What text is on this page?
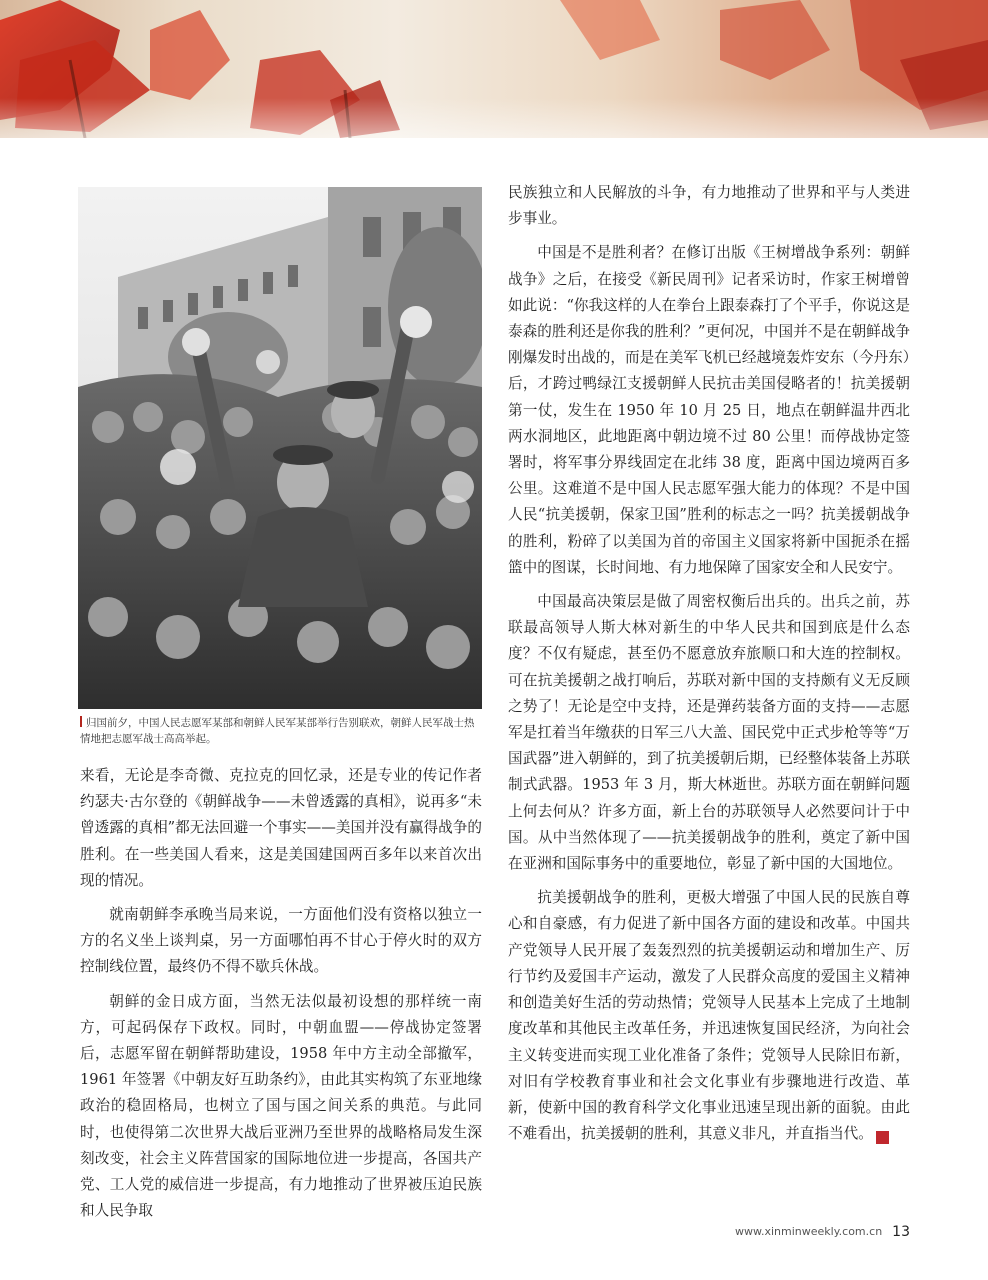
归国前夕，中国人民志愿军某部和朝鲜人民军某部举行告别联欢，朝鲜人民军战士热情地把志愿军战士高高举起。

来看，无论是李奇微、克拉克的回忆录，还是专业的传记作者约瑟夫·古尔登的《朝鲜战争——未曾透露的真相》，说再多“未曾透露的真相”都无法回避一个事实——美国并没有赢得战争的胜利。在一些美国人看来，这是美国建国两百多年以来首次出现的情况。

就南朝鲜李承晚当局来说，一方面他们没有资格以独立一方的名义坐上谈判桌，另一方面哪怕再不甘心于停火时的双方控制线位置，最终仍不得不歇兵休战。

朝鲜的金日成方面，当然无法似最初设想的那样统一南方，可起码保存下政权。同时，中朝血盟——停战协定签署后，志愿军留在朝鲜帮助建设，1958 年中方主动全部撤军，1961 年签署《中朝友好互助条约》，由此其实构筑了东亚地缘政治的稳固格局，也树立了国与国之间关系的典范。与此同时，也使得第二次世界大战后亚洲乃至世界的战略格局发生深刻改变，社会主义阵营国家的国际地位进一步提高，各国共产党、工人党的威信进一步提高，有力地推动了世界被压迫民族和人民争取

民族独立和人民解放的斗争，有力地推动了世界和平与人类进步事业。

中国是不是胜利者？在修订出版《王树增战争系列：朝鲜战争》之后，在接受《新民周刊》记者采访时，作家王树增曾如此说：“你我这样的人在拳台上跟泰森打了个平手，你说这是泰森的胜利还是你我的胜利？”更何况，中国并不是在朝鲜战争刚爆发时出战的，而是在美军飞机已经越境轰炸安东（今丹东）后，才跨过鸭绿江支援朝鲜人民抗击美国侵略者的！抗美援朝第一仗，发生在 1950 年 10 月 25 日，地点在朝鲜温井西北两水洞地区，此地距离中朝边境不过 80 公里！而停战协定签署时，将军事分界线固定在北纬 38 度，距离中国边境两百多公里。这难道不是中国人民志愿军强大能力的体现？不是中国人民“抗美援朝，保家卫国”胜利的标志之一吗？抗美援朝战争的胜利，粉碎了以美国为首的帝国主义国家将新中国扼杀在摇篮中的图谋，长时间地、有力地保障了国家安全和人民安宁。

中国最高决策层是做了周密权衡后出兵的。出兵之前，苏联最高领导人斯大林对新生的中华人民共和国到底是什么态度？不仅有疑虑，甚至仍不愿意放弃旅顺口和大连的控制权。可在抗美援朝之战打响后，苏联对新中国的支持颇有义无反顾之势了！无论是空中支持，还是弹药装备方面的支持——志愿军是扛着当年缴获的日军三八大盖、国民党中正式步枪等等“万国武器”进入朝鲜的，到了抗美援朝后期，已经整体装备上苏联制式武器。1953 年 3 月，斯大林逝世。苏联方面在朝鲜问题上何去何从？许多方面，新上台的苏联领导人必然要问计于中国。从中当然体现了——抗美援朝战争的胜利，奠定了新中国在亚洲和国际事务中的重要地位，彰显了新中国的大国地位。

抗美援朝战争的胜利，更极大增强了中国人民的民族自尊心和自豪感，有力促进了新中国各方面的建设和改革。中国共产党领导人民开展了轰轰烈烈的抗美援朝运动和增加生产、厉行节约及爱国丰产运动，激发了人民群众高度的爱国主义精神和创造美好生活的劳动热情；党领导人民基本上完成了土地制度改革和其他民主改革任务，并迅速恢复国民经济，为向社会主义转变进而实现工业化准备了条件；党领导人民除旧布新，对旧有学校教育事业和社会文化事业有步骤地进行改造、革新，使新中国的教育科学文化事业迅速呈现出新的面貌。由此不难看出，抗美援朝的胜利，其意义非凡，并直指当代。	民

www.xinminweekly.com.cn 13
